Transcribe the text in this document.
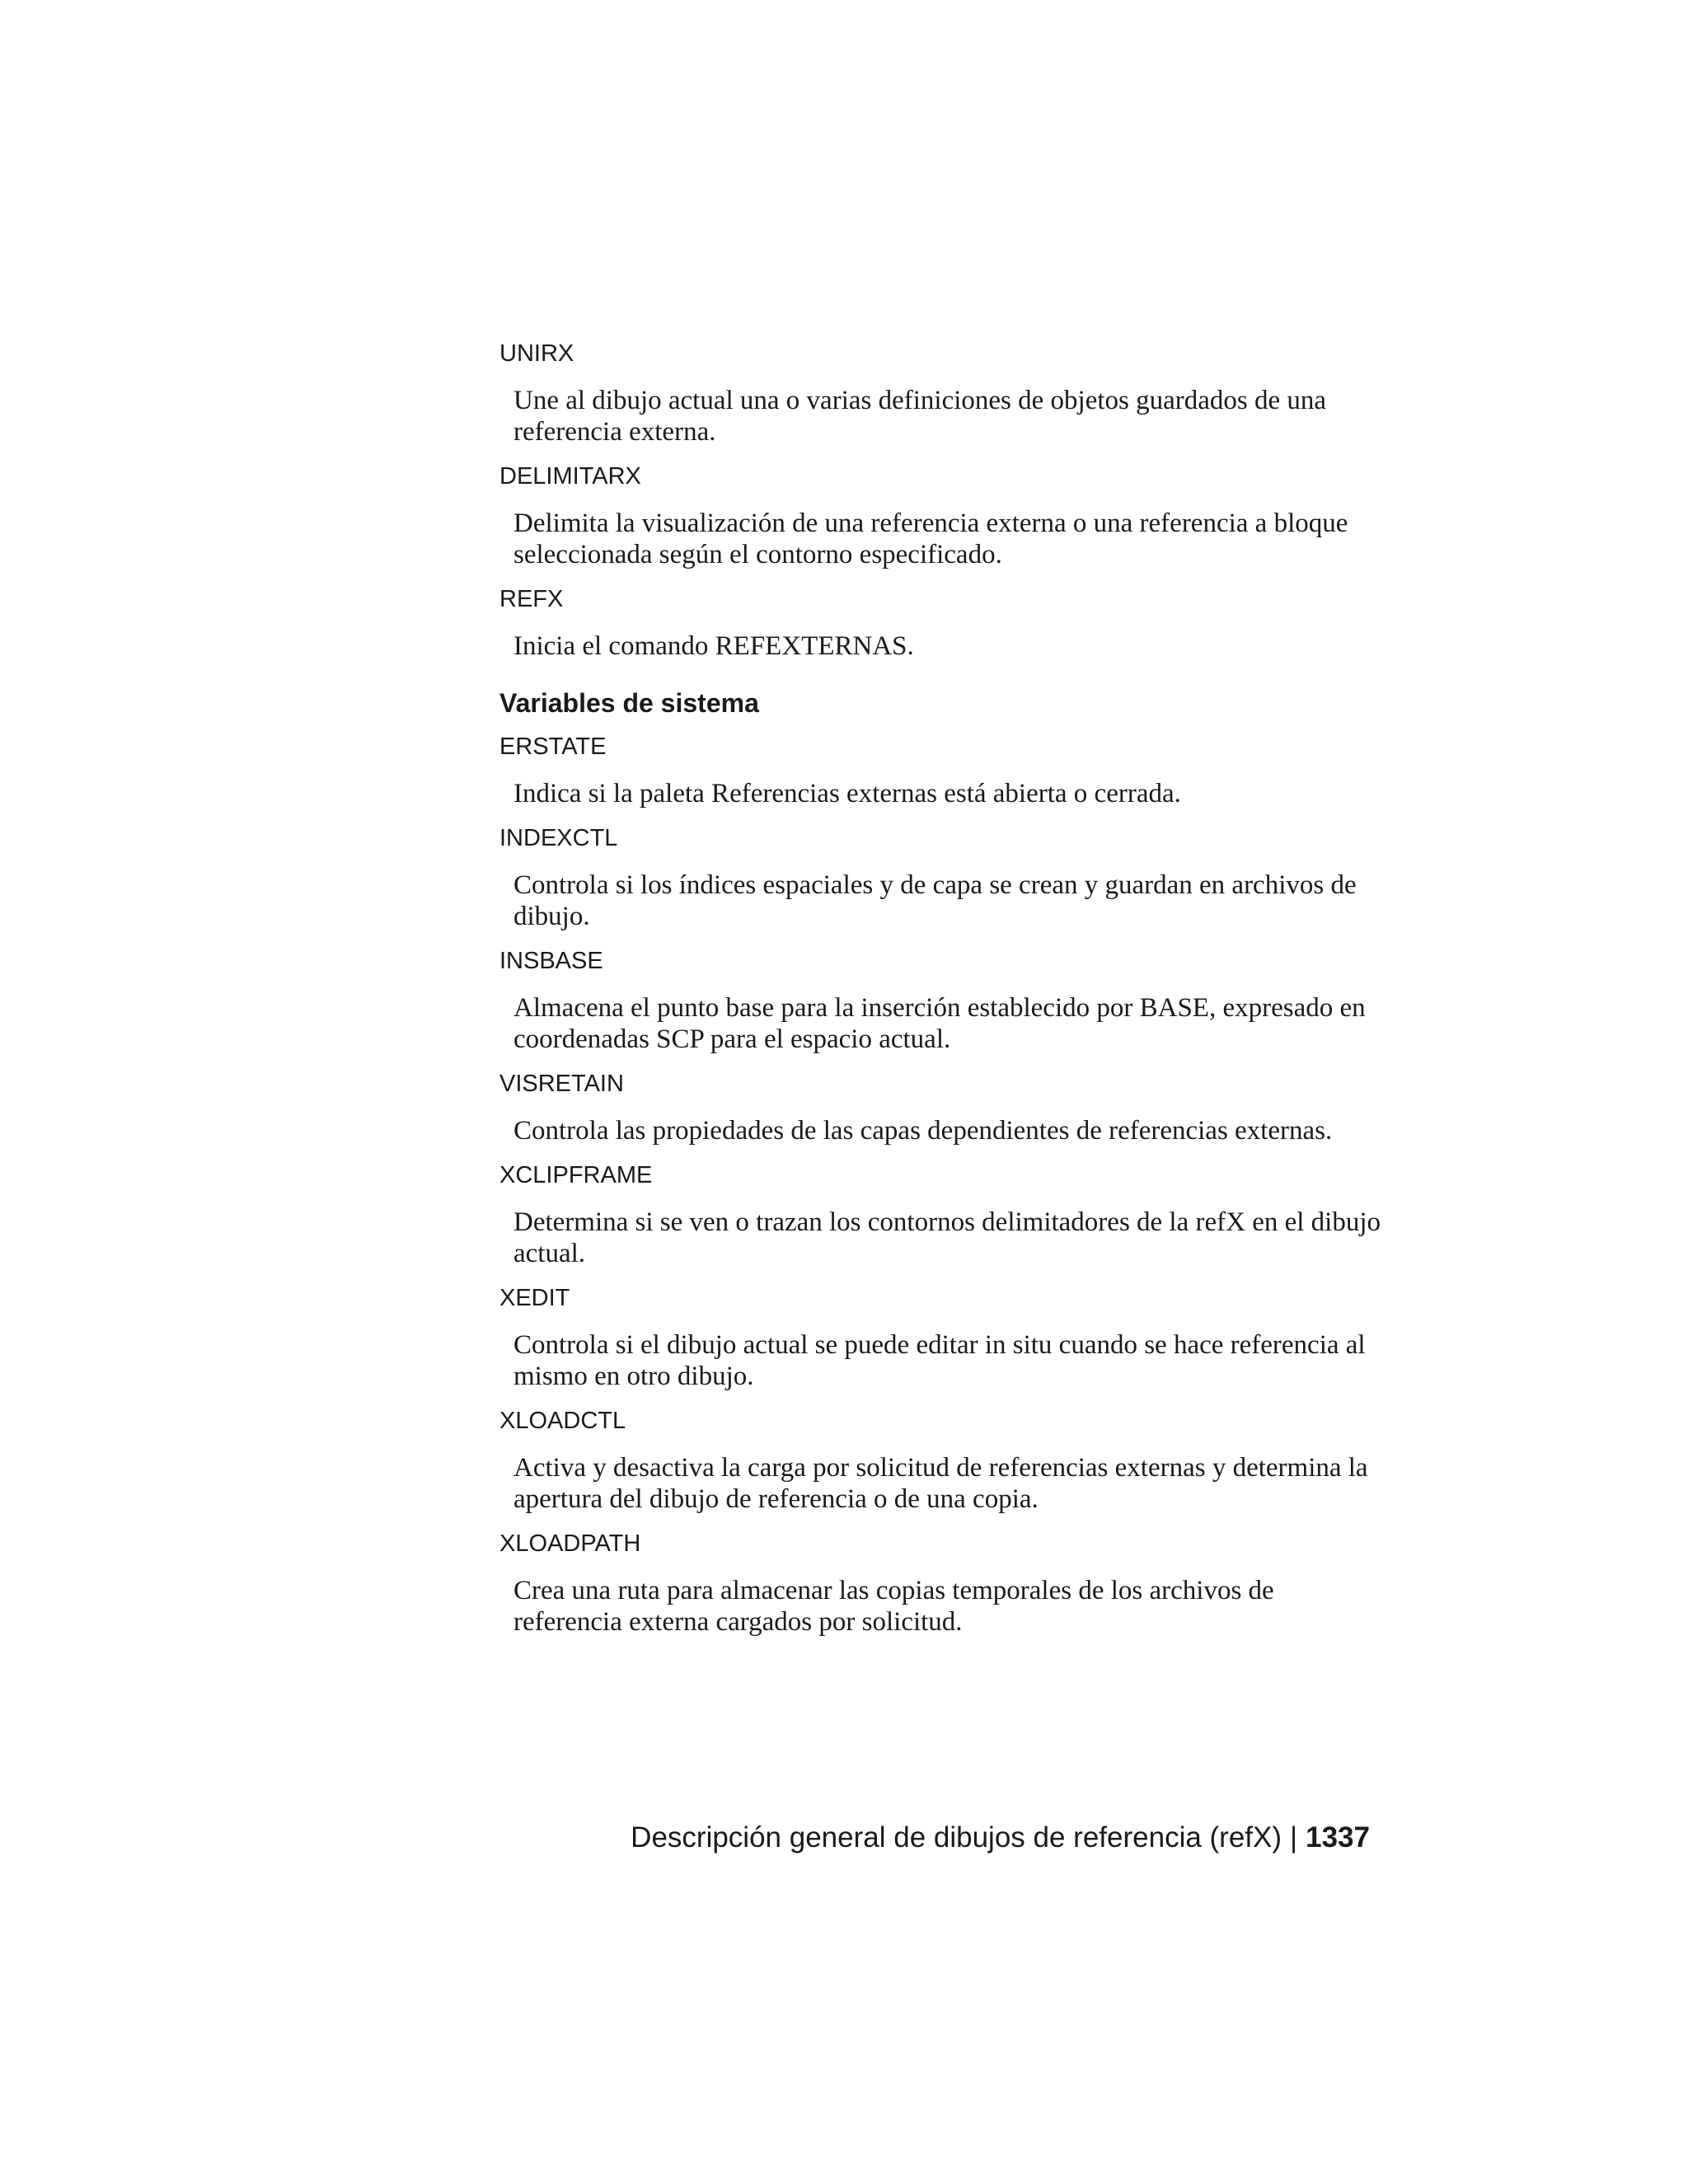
UNIRX

Une al dibujo actual una o varias definiciones de objetos guardados de una referencia externa.

DELIMITARX

Delimita la visualización de una referencia externa o una referencia a bloque seleccionada según el contorno especificado.

REFX

Inicia el comando REFEXTERNAS.

Variables de sistema

ERSTATE

Indica si la paleta Referencias externas está abierta o cerrada.

INDEXCTL

Controla si los índices espaciales y de capa se crean y guardan en archivos de dibujo.

INSBASE

Almacena el punto base para la inserción establecido por BASE, expresado en coordenadas SCP para el espacio actual.

VISRETAIN

Controla las propiedades de las capas dependientes de referencias externas.

XCLIPFRAME

Determina si se ven o trazan los contornos delimitadores de la refX en el dibujo actual.

XEDIT

Controla si el dibujo actual se puede editar in situ cuando se hace referencia al mismo en otro dibujo.

XLOADCTL

Activa y desactiva la carga por solicitud de referencias externas y determina la apertura del dibujo de referencia o de una copia.

XLOADPATH

Crea una ruta para almacenar las copias temporales de los archivos de referencia externa cargados por solicitud.

Descripción general de dibujos de referencia (refX) | 1337
